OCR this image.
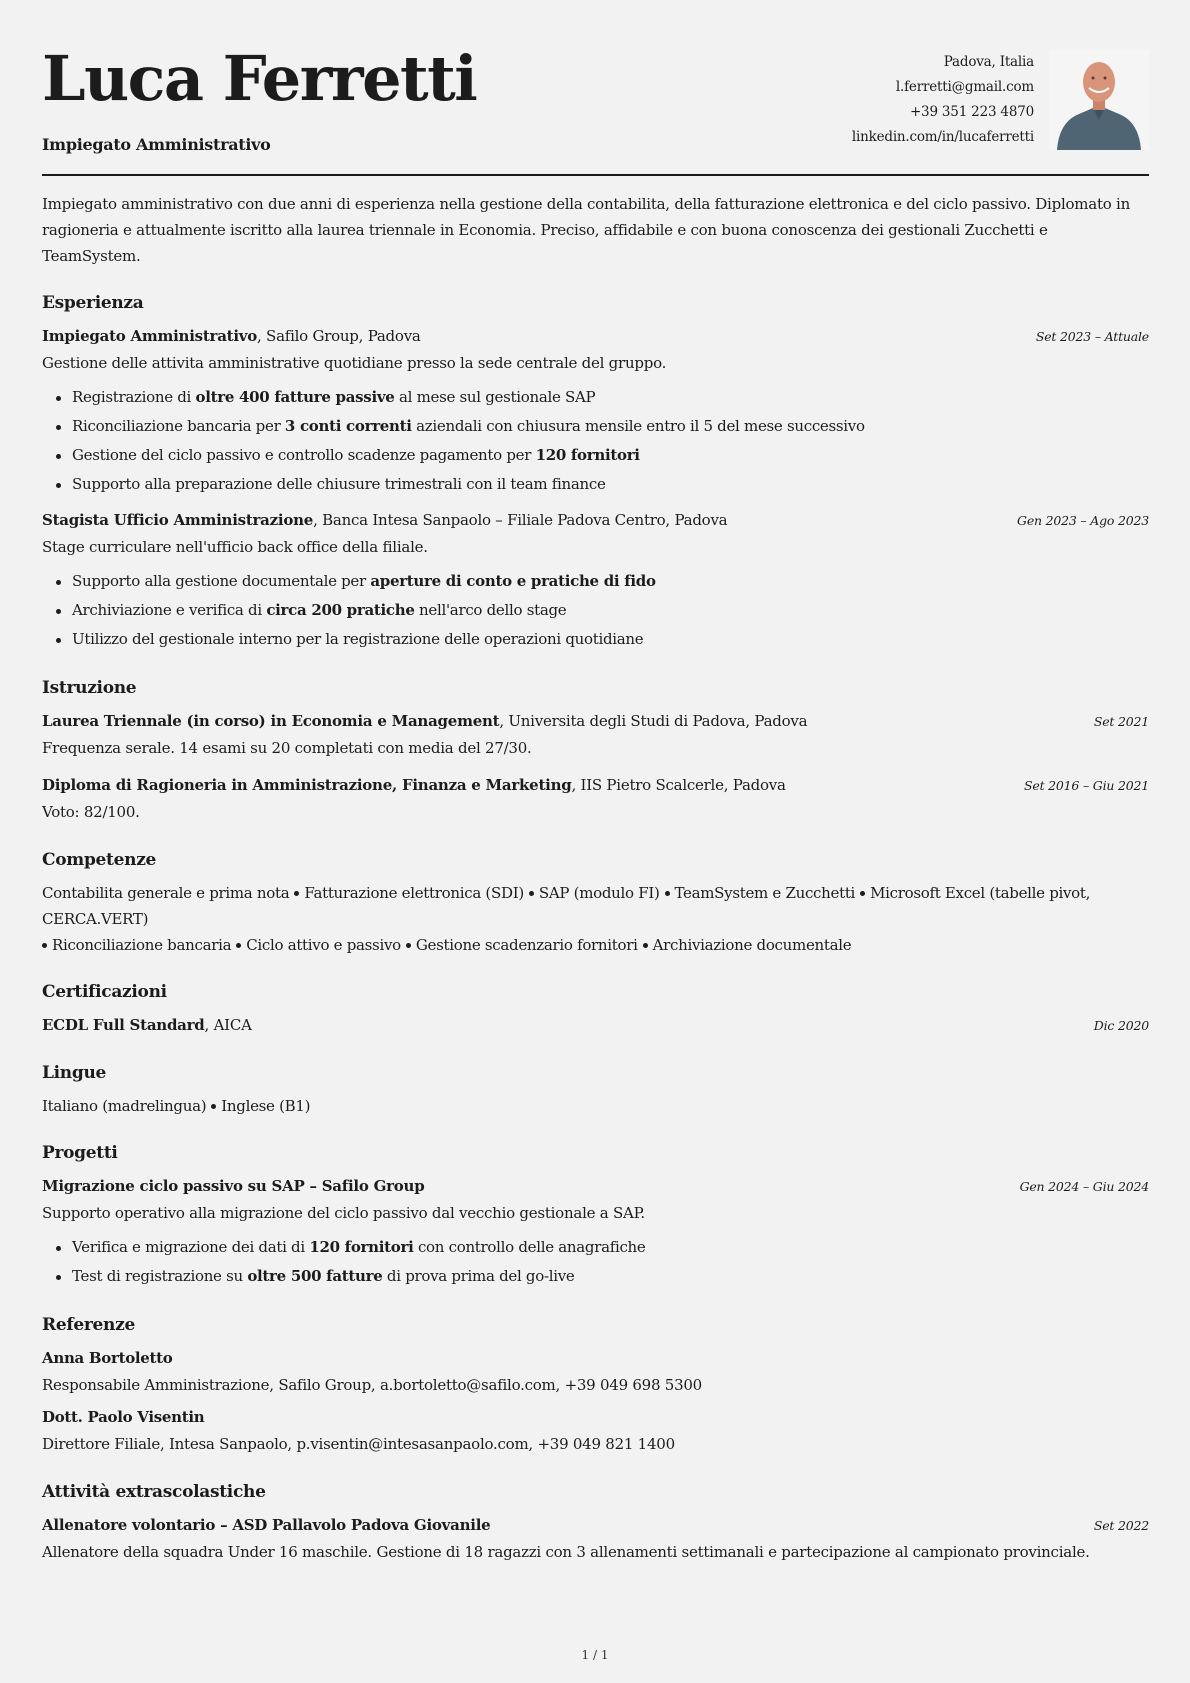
Luca Ferretti
Impiegato Amministrativo
Padova, Italia
l.ferretti@gmail.com
+39 351 223 4870
linkedin.com/in/lucaferretti
Impiegato amministrativo con due anni di esperienza nella gestione della contabilita, della fatturazione elettronica e del ciclo passivo. Diplomato in ragioneria e attualmente iscritto alla laurea triennale in Economia. Preciso, affidabile e con buona conoscenza dei gestionali Zucchetti e TeamSystem.
Esperienza
Impiegato Amministrativo, Safilo Group, Padova	Set 2023 – Attuale
Gestione delle attivita amministrative quotidiane presso la sede centrale del gruppo.
Registrazione di oltre 400 fatture passive al mese sul gestionale SAP
Riconciliazione bancaria per 3 conti correnti aziendali con chiusura mensile entro il 5 del mese successivo
Gestione del ciclo passivo e controllo scadenze pagamento per 120 fornitori
Supporto alla preparazione delle chiusure trimestrali con il team finance
Stagista Ufficio Amministrazione, Banca Intesa Sanpaolo – Filiale Padova Centro, Padova	Gen 2023 – Ago 2023
Stage curriculare nell'ufficio back office della filiale.
Supporto alla gestione documentale per aperture di conto e pratiche di fido
Archiviazione e verifica di circa 200 pratiche nell'arco dello stage
Utilizzo del gestionale interno per la registrazione delle operazioni quotidiane
Istruzione
Laurea Triennale (in corso) in Economia e Management, Universita degli Studi di Padova, Padova	Set 2021
Frequenza serale. 14 esami su 20 completati con media del 27/30.
Diploma di Ragioneria in Amministrazione, Finanza e Marketing, IIS Pietro Scalcerle, Padova	Set 2016 – Giu 2021
Voto: 82/100.
Competenze
Contabilita generale e prima nota Fatturazione elettronica (SDI) SAP (modulo FI) TeamSystem e Zucchetti Microsoft Excel (tabelle pivot, CERCA.VERT)
Riconciliazione bancaria Ciclo attivo e passivo Gestione scadenzario fornitori Archiviazione documentale
Certificazioni
ECDL Full Standard, AICA	Dic 2020
Lingue
Italiano (madrelingua) Inglese (B1)
Progetti
Migrazione ciclo passivo su SAP – Safilo Group	Gen 2024 – Giu 2024
Supporto operativo alla migrazione del ciclo passivo dal vecchio gestionale a SAP.
Verifica e migrazione dei dati di 120 fornitori con controllo delle anagrafiche
Test di registrazione su oltre 500 fatture di prova prima del go-live
Referenze
Anna Bortoletto
Responsabile Amministrazione, Safilo Group, a.bortoletto@safilo.com, +39 049 698 5300
Dott. Paolo Visentin
Direttore Filiale, Intesa Sanpaolo, p.visentin@intesasanpaolo.com, +39 049 821 1400
Attività extrascolastiche
Allenatore volontario – ASD Pallavolo Padova Giovanile	Set 2022
Allenatore della squadra Under 16 maschile. Gestione di 18 ragazzi con 3 allenamenti settimanali e partecipazione al campionato provinciale.
1 / 1
